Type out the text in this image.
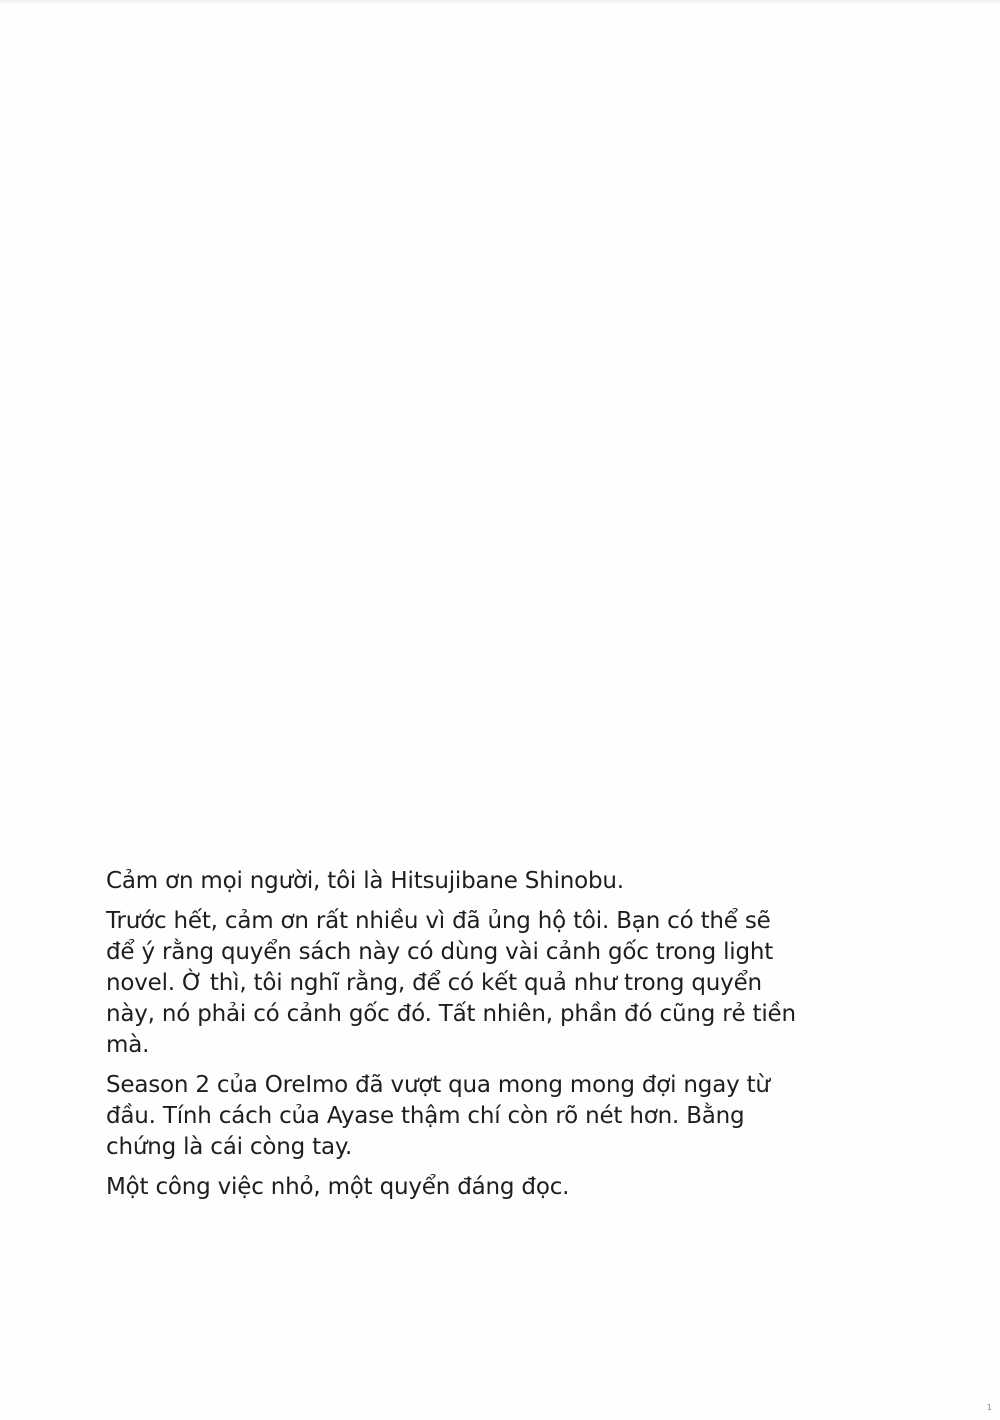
Cảm ơn mọi người, tôi là Hitsujibane Shinobu.

Trước hết, cảm ơn rất nhiều vì đã ủng hộ tôi. Bạn có thể sẽ
để ý rằng quyển sách này có dùng vài cảnh gốc trong light
novel. Ờ thì, tôi nghĩ rằng, để có kết quả như trong quyển
này, nó phải có cảnh gốc đó. Tất nhiên, phần đó cũng rẻ tiền
mà.

Season 2 của OreImo đã vượt qua mong mong đợi ngay từ
đầu. Tính cách của Ayase thậm chí còn rõ nét hơn. Bằng
chứng là cái còng tay.

Một công việc nhỏ, một quyển đáng đọc.

1
